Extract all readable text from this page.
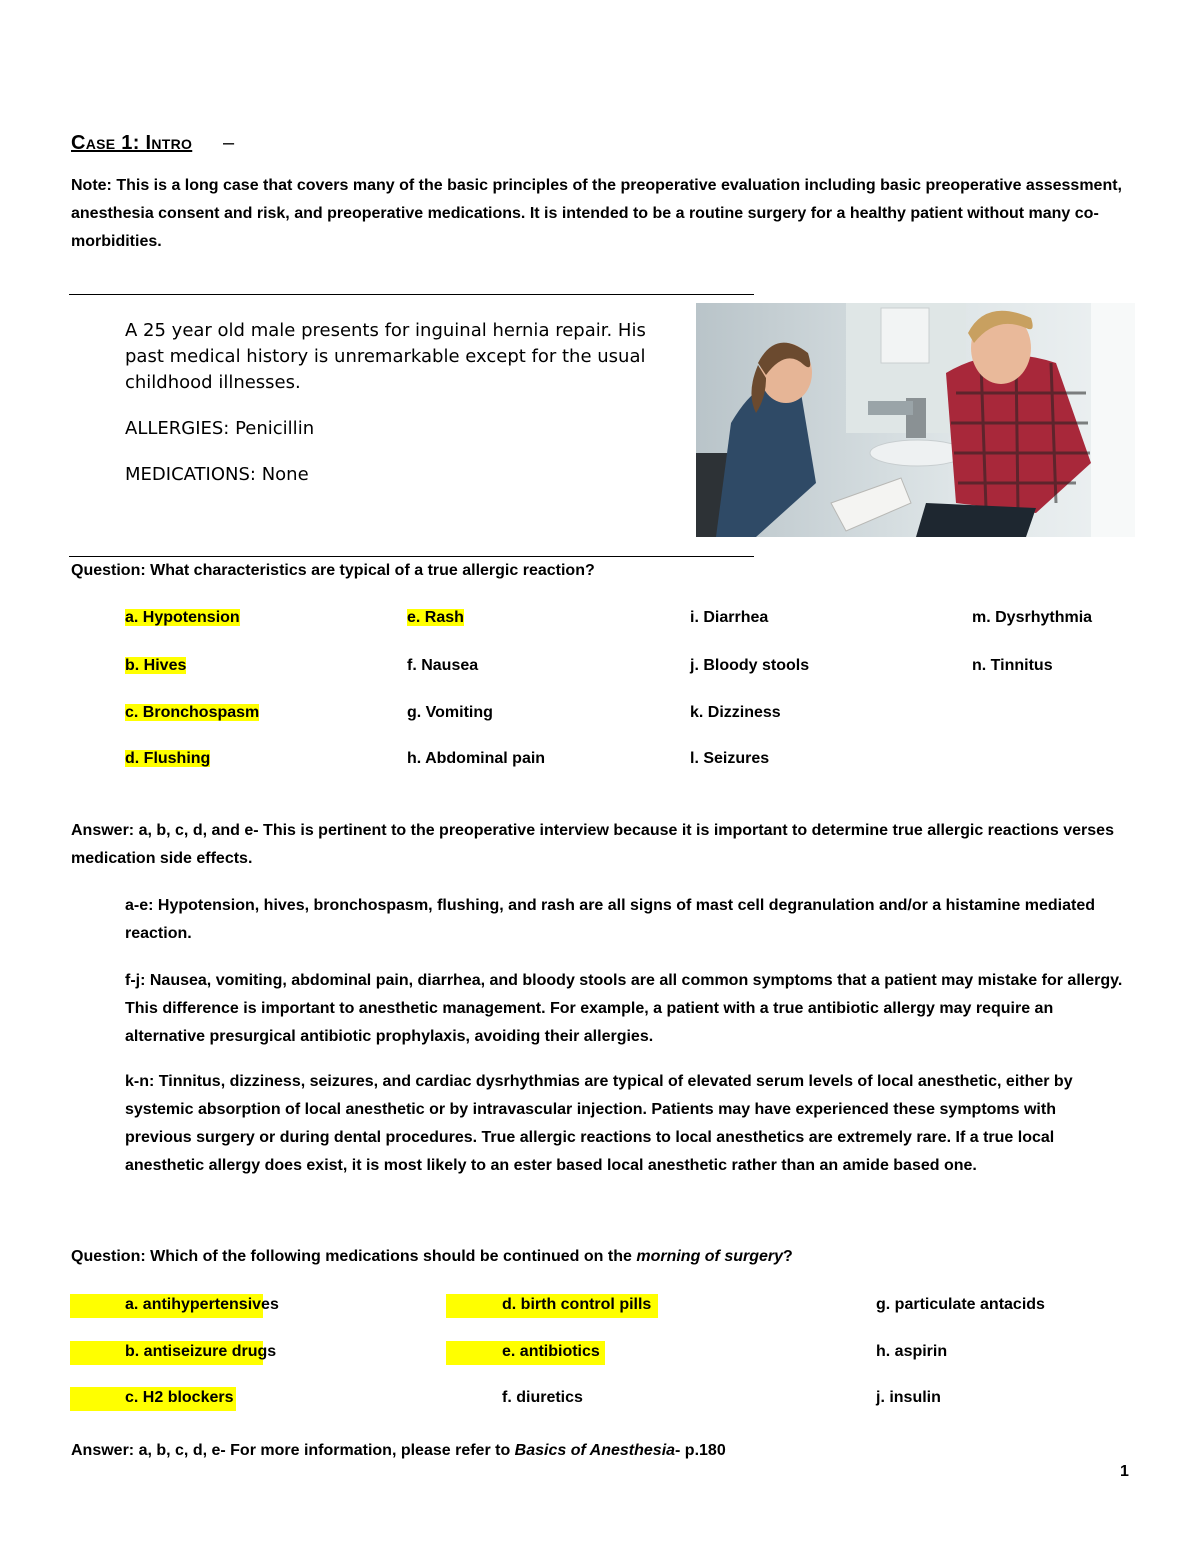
Case 1: Intro –
Note: This is a long case that covers many of the basic principles of the preoperative evaluation including basic preoperative assessment, anesthesia consent and risk, and preoperative medications. It is intended to be a routine surgery for a healthy patient without many co-morbidities.

A 25 year old male presents for inguinal hernia repair. His past medical history is unremarkable except for the usual childhood illnesses.

ALLERGIES: Penicillin

MEDICATIONS: None

Question: What characteristics are typical of a true allergic reaction?
a. Hypotension
b. Hives
c. Bronchospasm
d. Flushing
e. Rash
f. Nausea
g. Vomiting
h. Abdominal pain
i. Diarrhea
j. Bloody stools
k. Dizziness
l. Seizures
m. Dysrhythmia
n. Tinnitus
Answer: a, b, c, d, and e- This is pertinent to the preoperative interview because it is important to determine true allergic reactions verses medication side effects.

a-e: Hypotension, hives, bronchospasm, flushing, and rash are all signs of mast cell degranulation and/or a histamine mediated reaction.

f-j: Nausea, vomiting, abdominal pain, diarrhea, and bloody stools are all common symptoms that a patient may mistake for allergy. This difference is important to anesthetic management. For example, a patient with a true antibiotic allergy may require an alternative presurgical antibiotic prophylaxis, avoiding their allergies.

k-n: Tinnitus, dizziness, seizures, and cardiac dysrhythmias are typical of elevated serum levels of local anesthetic, either by systemic absorption of local anesthetic or by intravascular injection. Patients may have experienced these symptoms with previous surgery or during dental procedures. True allergic reactions to local anesthetics are extremely rare. If a true local anesthetic allergy does exist, it is most likely to an ester based local anesthetic rather than an amide based one.

Question: Which of the following medications should be continued on the morning of surgery?
a. antihypertensives
b. antiseizure drugs
c. H2 blockers
d. birth control pills
e. antibiotics
f. diuretics
g. particulate antacids
h. aspirin
j. insulin
Answer: a, b, c, d, e- For more information, please refer to Basics of Anesthesia- p.180
1
